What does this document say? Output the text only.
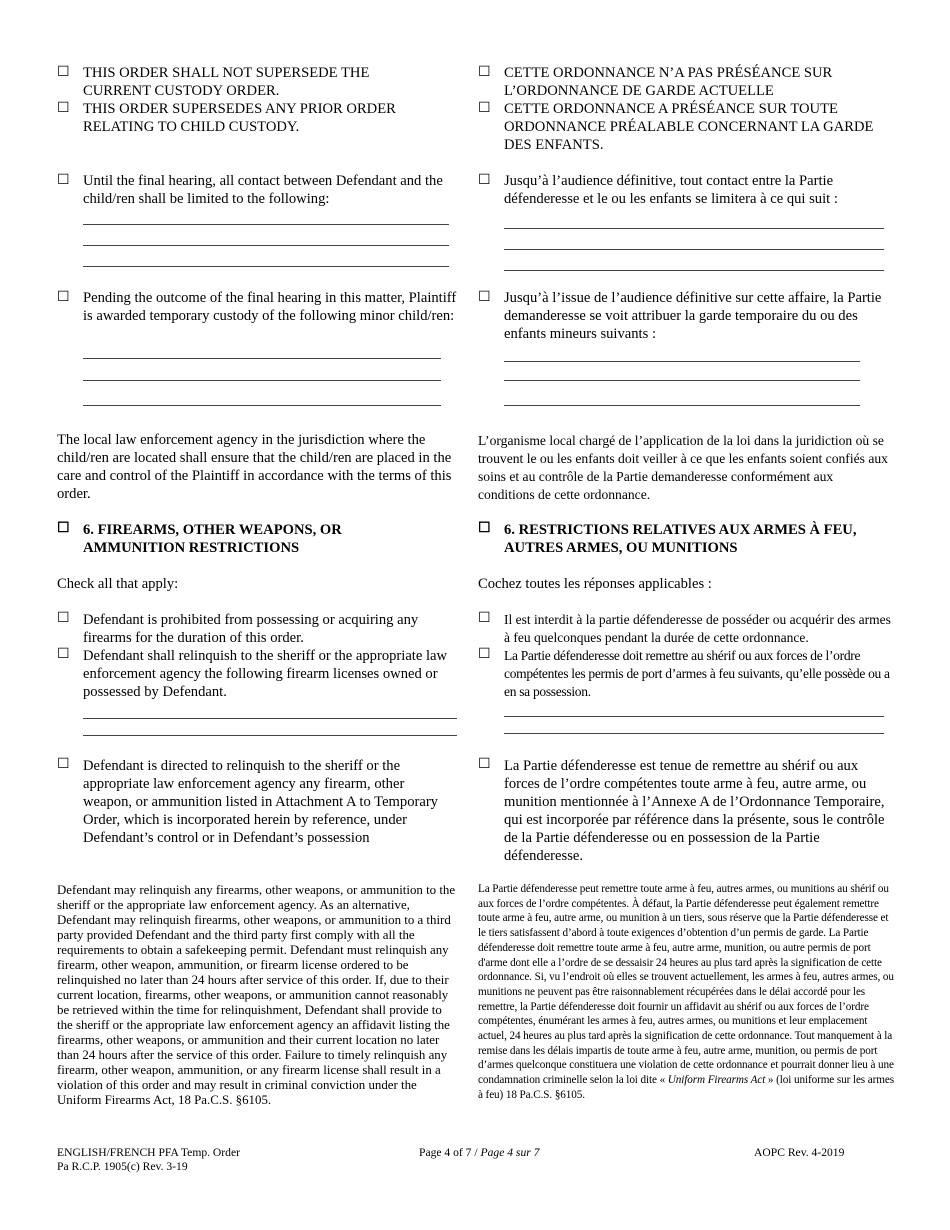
☐ THIS ORDER SHALL NOT SUPERSEDE THE CURRENT CUSTODY ORDER.
☐ THIS ORDER SUPERSEDES ANY PRIOR ORDER RELATING TO CHILD CUSTODY.
☐ Until the final hearing, all contact between Defendant and the child/ren shall be limited to the following:
☐ Pending the outcome of the final hearing in this matter, Plaintiff is awarded temporary custody of the following minor child/ren:
The local law enforcement agency in the jurisdiction where the child/ren are located shall ensure that the child/ren are placed in the care and control of the Plaintiff in accordance with the terms of this order.
☐ 6. FIREARMS, OTHER WEAPONS, OR AMMUNITION RESTRICTIONS
Check all that apply:
☐ Defendant is prohibited from possessing or acquiring any firearms for the duration of this order.
☐ Defendant shall relinquish to the sheriff or the appropriate law enforcement agency the following firearm licenses owned or possessed by Defendant.
☐ Defendant is directed to relinquish to the sheriff or the appropriate law enforcement agency any firearm, other weapon, or ammunition listed in Attachment A to Temporary Order, which is incorporated herein by reference, under Defendant’s control or in Defendant’s possession
Defendant may relinquish any firearms, other weapons, or ammunition to the sheriff or the appropriate law enforcement agency. As an alternative, Defendant may relinquish firearms, other weapons, or ammunition to a third party provided Defendant and the third party first comply with all the requirements to obtain a safekeeping permit. Defendant must relinquish any firearm, other weapon, ammunition, or firearm license ordered to be relinquished no later than 24 hours after service of this order. If, due to their current location, firearms, other weapons, or ammunition cannot reasonably be retrieved within the time for relinquishment, Defendant shall provide to the sheriff or the appropriate law enforcement agency an affidavit listing the firearms, other weapons, or ammunition and their current location no later than 24 hours after the service of this order. Failure to timely relinquish any firearm, other weapon, ammunition, or any firearm license shall result in a violation of this order and may result in criminal conviction under the Uniform Firearms Act, 18 Pa.C.S. §6105.
☐ CETTE ORDONNANCE N’A PAS PRÉSÉANCE SUR L’ORDONNANCE DE GARDE ACTUELLE
☐ CETTE ORDONNANCE A PRÉSÉANCE SUR TOUTE ORDONNANCE PRÉALABLE CONCERNANT LA GARDE DES ENFANTS.
☐ Jusqu’à l’audience définitive, tout contact entre la Partie défenderesse et le ou les enfants se limitera à ce qui suit :
☐ Jusqu’à l’issue de l’audience définitive sur cette affaire, la Partie demanderesse se voit attribuer la garde temporaire du ou des enfants mineurs suivants :
L’organisme local chargé de l’application de la loi dans la juridiction où se trouvent le ou les enfants doit veiller à ce que les enfants soient confiés aux soins et au contrôle de la Partie demanderesse conformément aux conditions de cette ordonnance.
☐ 6. RESTRICTIONS RELATIVES AUX ARMES À FEU, AUTRES ARMES, OU MUNITIONS
Cochez toutes les réponses applicables :
☐ Il est interdit à la partie défenderesse de posséder ou acquérir des armes à feu quelconques pendant la durée de cette ordonnance.
☐ La Partie défenderesse doit remettre au shérif ou aux forces de l’ordre compétentes les permis de port d’armes à feu suivants, qu’elle possède ou a en sa possession.
☐ La Partie défenderesse est tenue de remettre au shérif ou aux forces de l’ordre compétentes toute arme à feu, autre arme, ou munition mentionnée à l’Annexe A de l’Ordonnance Temporaire, qui est incorporée par référence dans la présente, sous le contrôle de la Partie défenderesse ou en possession de la Partie défenderesse.
La Partie défenderesse peut remettre toute arme à feu, autres armes, ou munitions au shérif ou aux forces de l’ordre compétentes. À défaut, la Partie défenderesse peut également remettre toute arme à feu, autre arme, ou munition à un tiers, sous réserve que la Partie défenderesse et le tiers satisfassent d’abord à toute exigences d’obtention d’un permis de garde. La Partie défenderesse doit remettre toute arme à feu, autre arme, munition, ou autre permis de port d'arme dont elle a l’ordre de se dessaisir 24 heures au plus tard après la signification de cette ordonnance. Si, vu l’endroit où elles se trouvent actuellement, les armes à feu, autres armes, ou munitions ne peuvent pas être raisonnablement récupérées dans le délai accordé pour les remettre, la Partie défenderesse doit fournir un affidavit au shérif ou aux forces de l’ordre compétentes, énumérant les armes à feu, autres armes, ou munitions et leur emplacement actuel, 24 heures au plus tard après la signification de cette ordonnance. Tout manquement à la remise dans les délais impartis de toute arme à feu, autre arme, munition, ou permis de port d’armes quelconque constituera une violation de cette ordonnance et pourrait donner lieu à une condamnation criminelle selon la loi dite « Uniform Firearms Act » (loi uniforme sur les armes à feu) 18 Pa.C.S. §6105.
ENGLISH/FRENCH PFA Temp. Order
Pa R.C.P. 1905(c) Rev. 3-19
Page 4 of 7 / Page 4 sur 7	AOPC Rev. 4-2019
